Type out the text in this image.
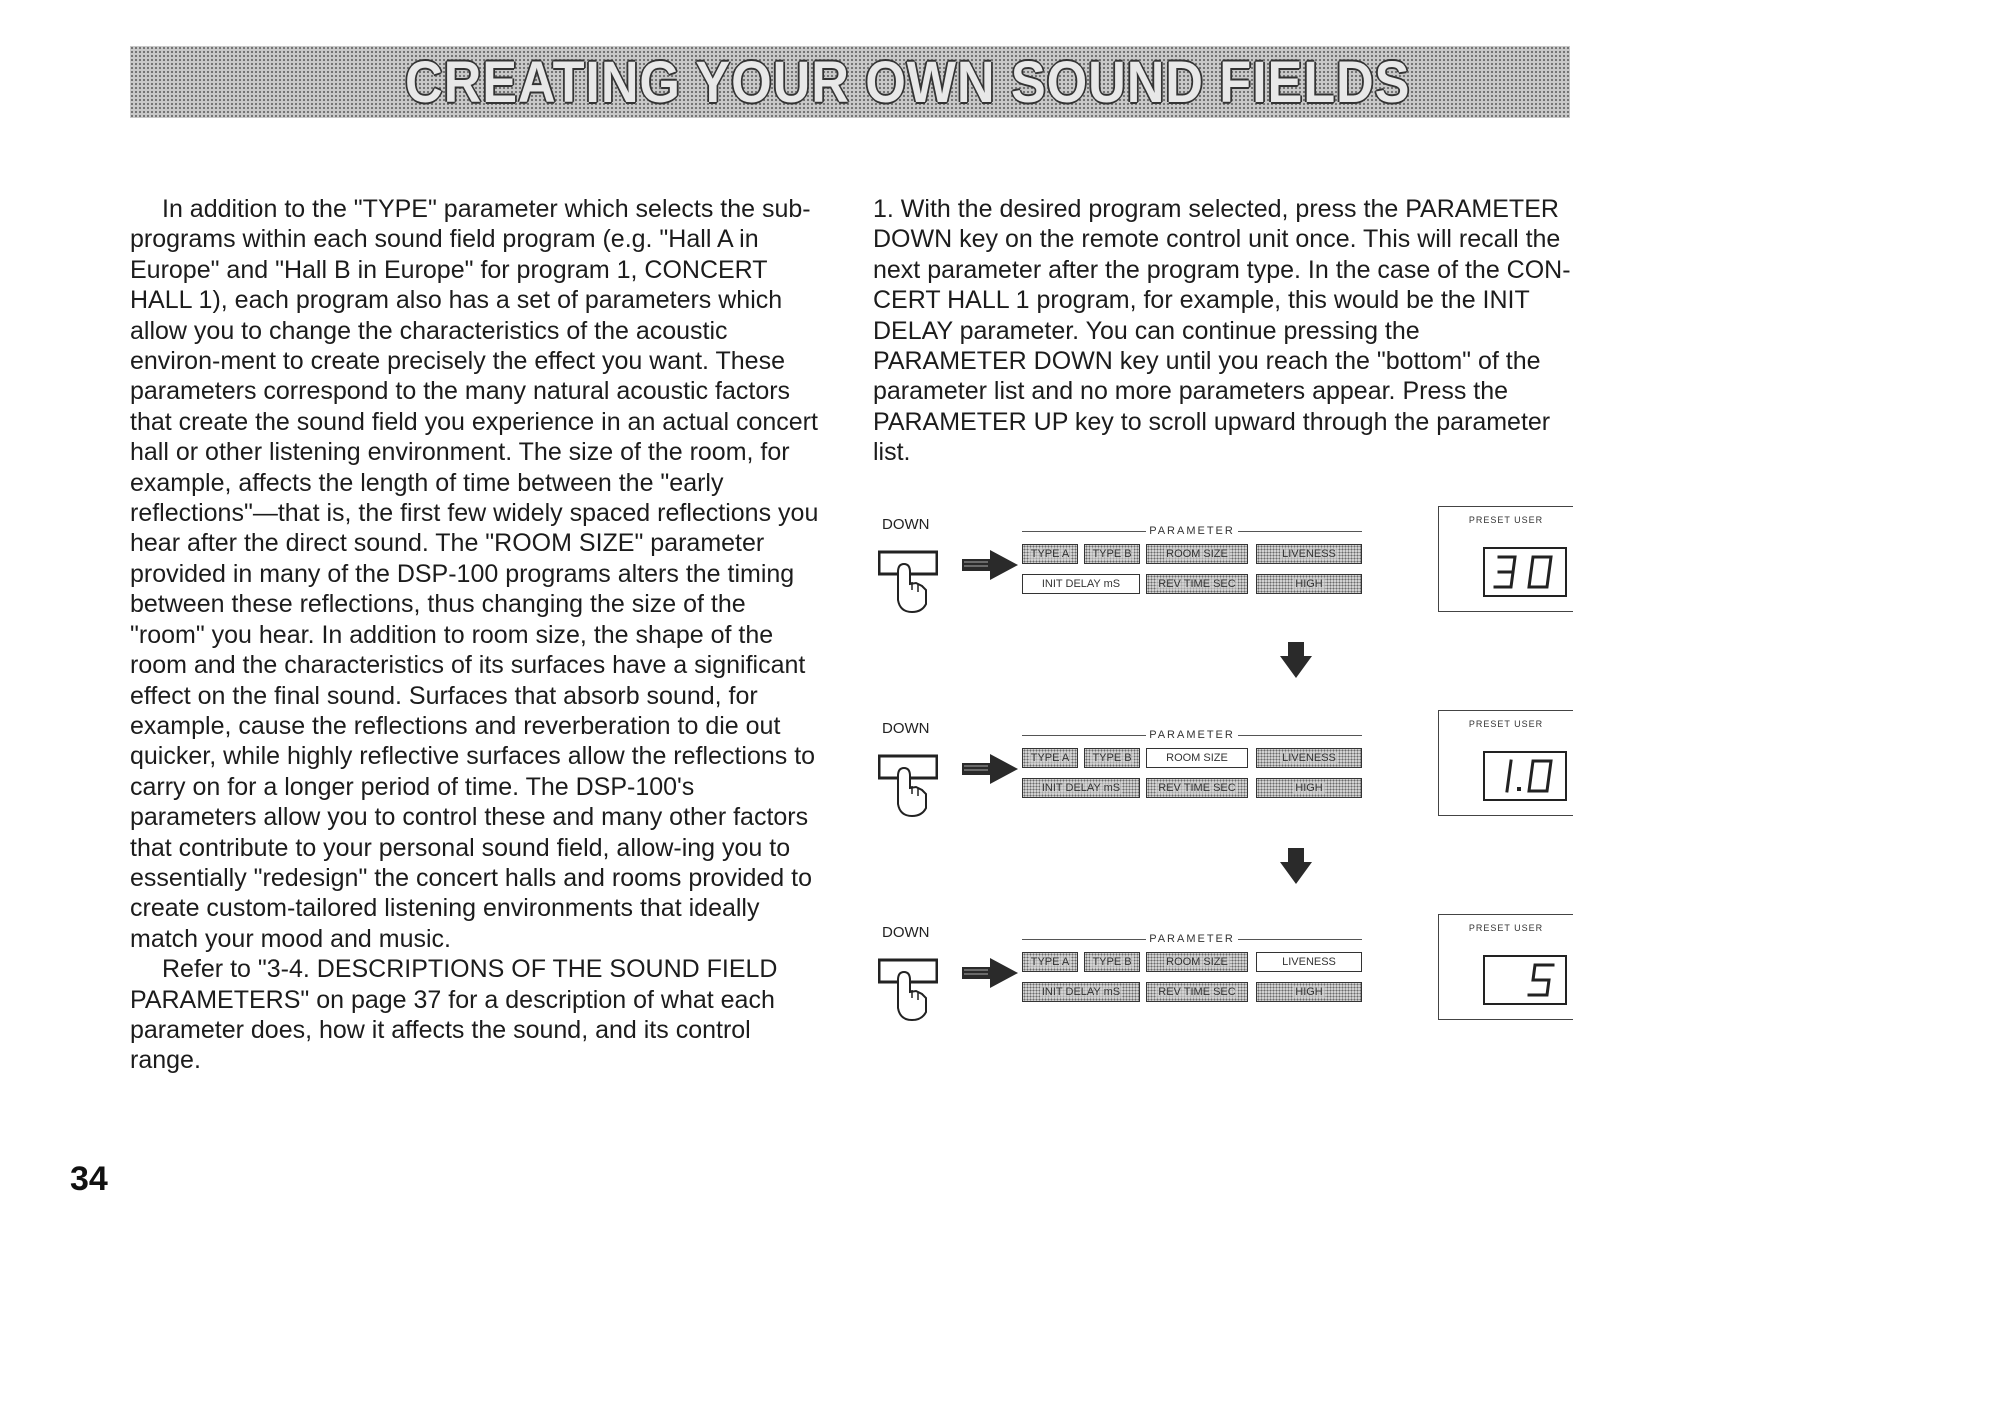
CREATING YOUR OWN SOUND FIELDS

In addition to the "TYPE" parameter which selects the sub-programs within each sound field program (e.g. "Hall A in Europe" and "Hall B in Europe" for program 1, CONCERT HALL 1), each program also has a set of parameters which allow you to change the characteristics of the acoustic environ-ment to create precisely the effect you want. These parameters correspond to the many natural acoustic factors that create the sound field you experience in an actual concert hall or other listening environment. The size of the room, for example, affects the length of time between the "early reflections"—that is, the first few widely spaced reflections you hear after the direct sound. The "ROOM SIZE" parameter provided in many of the DSP-100 programs alters the timing between these reflections, thus changing the size of the "room" you hear. In addition to room size, the shape of the room and the characteristics of its surfaces have a significant effect on the final sound. Surfaces that absorb sound, for example, cause the reflections and reverberation to die out quicker, while highly reflective surfaces allow the reflections to carry on for a longer period of time. The DSP-100's parameters allow you to control these and many other factors that contribute to your personal sound field, allow-ing you to essentially "redesign" the concert halls and rooms provided to create custom-tailored listening environments that ideally match your mood and music.

Refer to "3-4. DESCRIPTIONS OF THE SOUND FIELD PARAMETERS" on page 37 for a description of what each parameter does, how it affects the sound, and its control range.

1. With the desired program selected, press the PARAMETER DOWN key on the remote control unit once. This will recall the next parameter after the program type. In the case of the CON-CERT HALL 1 program, for example, this would be the INIT DELAY parameter. You can continue pressing the PARAMETER DOWN key until you reach the "bottom" of the parameter list and no more parameters appear. Press the PARAMETER UP key to scroll upward through the parameter list.

DOWN	PARAMETER
TYPE A TYPE B	ROOM SIZE	LIVENESS
INIT DELAY mS	REV TIME SEC	HIGH
PRESET USER
DOWN	PARAMETER
TYPE A TYPE B	ROOM SIZE	LIVENESS
INIT DELAY mS	REV TIME SEC	HIGH
PRESET USER
DOWN	PARAMETER
TYPE A TYPE B	ROOM SIZE	LIVENESS
INIT DELAY mS	REV TIME SEC	HIGH
PRESET USER
34
